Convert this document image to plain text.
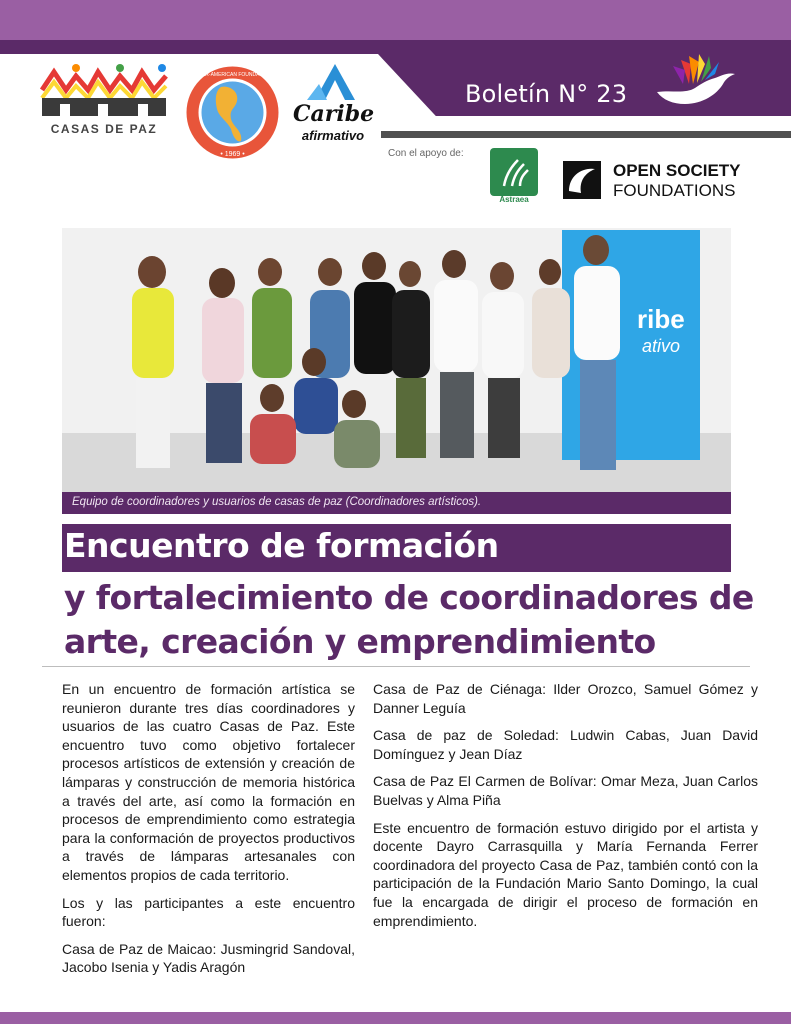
Boletín N° 23
CASAS DE PAZ
• 1969 •
INTER-AMERICAN FOUNDATION
Caribe
afirmativo
Con el apoyo de:
Astraea
OPEN SOCIETY
FOUNDATIONS
ribe
ativo
Equipo de coordinadores y usuarios de casas de paz (Coordinadores artísticos).
Encuentro de formación
y fortalecimiento de coordinadores de
arte, creación y emprendimiento

En un encuentro de formación artística se reunieron durante tres días coordinadores y usuarios de las cuatro Casas de Paz. Este encuentro tuvo como objetivo fortalecer procesos artísticos de extensión y creación de lámparas y construcción de memoria histórica a través del arte, así como la formación en procesos de emprendimiento como estrategia para la conformación de proyectos productivos a través de lámparas artesanales con elementos propios de cada territorio.

Los y las participantes a este encuentro fueron:

Casa de Paz de Maicao: Jusmingrid Sandoval, Jacobo Isenia y Yadis Aragón

Casa de Paz de Ciénaga: Ilder Orozco, Samuel Gómez y Danner Leguía

Casa de paz de Soledad: Ludwin Cabas, Juan David Domínguez y Jean Díaz

Casa de Paz El Carmen de Bolívar: Omar Meza, Juan Carlos Buelvas y Alma Piña

Este encuentro de formación estuvo dirigido por el artista y docente Dayro Carrasquilla y María Fernanda Ferrer coordinadora del proyecto Casa de Paz, también contó con la participación de la Fundación Mario Santo Domingo, la cual fue la encargada de dirigir el proceso de formación en emprendimiento.
